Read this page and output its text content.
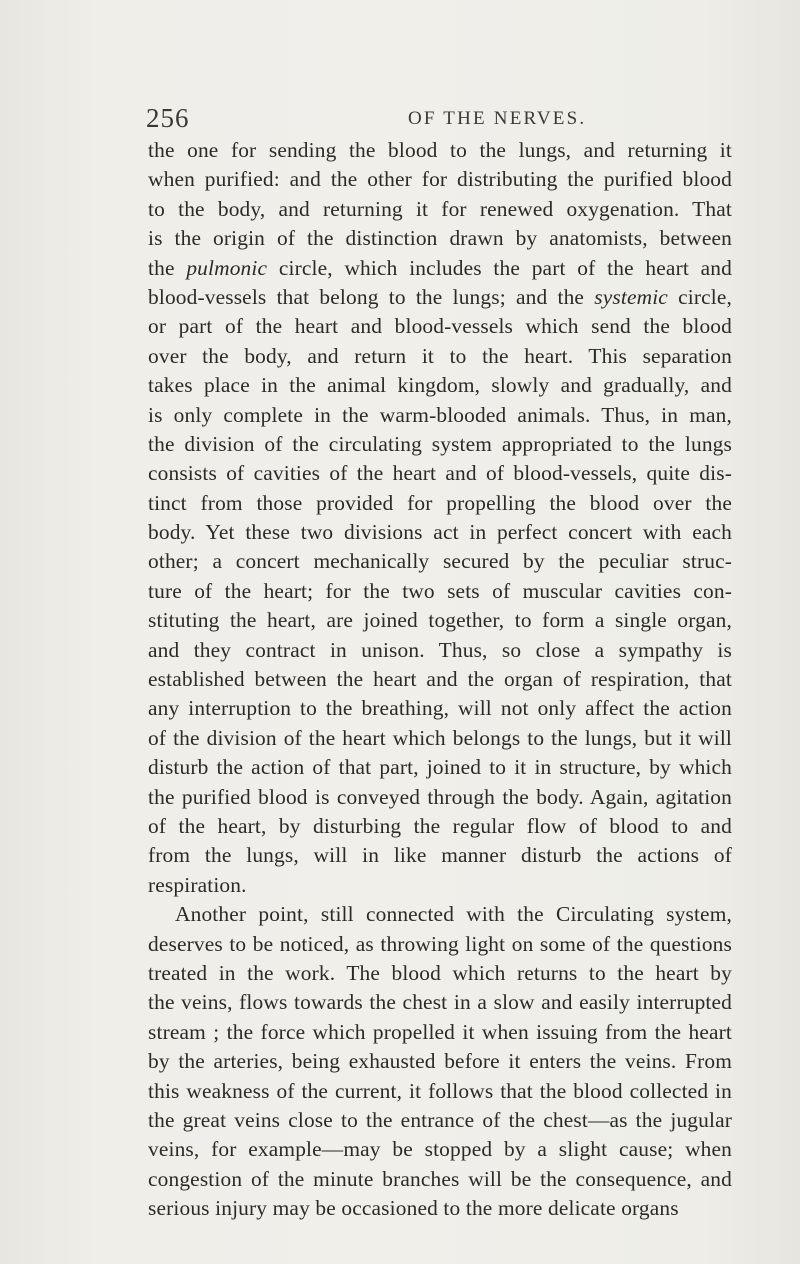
256	OF THE NERVES.
the one for sending the blood to the lungs, and returning it
when purified: and the other for distributing the purified blood
to the body, and returning it for renewed oxygenation. That
is the origin of the distinction drawn by anatomists, between
the pulmonic circle, which includes the part of the heart and
blood-vessels that belong to the lungs; and the systemic circle,
or part of the heart and blood-vessels which send the blood
over the body, and return it to the heart. This separation
takes place in the animal kingdom, slowly and gradually, and
is only complete in the warm-blooded animals. Thus, in man,
the division of the circulating system appropriated to the lungs
consists of cavities of the heart and of blood-vessels, quite dis-
tinct from those provided for propelling the blood over the
body. Yet these two divisions act in perfect concert with each
other; a concert mechanically secured by the peculiar struc-
ture of the heart; for the two sets of muscular cavities con-
stituting the heart, are joined together, to form a single organ,
and they contract in unison. Thus, so close a sympathy is
established between the heart and the organ of respiration, that
any interruption to the breathing, will not only affect the action
of the division of the heart which belongs to the lungs, but it will
disturb the action of that part, joined to it in structure, by which
the purified blood is conveyed through the body. Again, agitation
of the heart, by disturbing the regular flow of blood to and
from the lungs, will in like manner disturb the actions of
respiration.
Another point, still connected with the Circulating system,
deserves to be noticed, as throwing light on some of the questions
treated in the work. The blood which returns to the heart by
the veins, flows towards the chest in a slow and easily interrupted
stream ; the force which propelled it when issuing from the heart
by the arteries, being exhausted before it enters the veins. From
this weakness of the current, it follows that the blood collected in
the great veins close to the entrance of the chest—as the jugular
veins, for example—may be stopped by a slight cause; when
congestion of the minute branches will be the consequence, and
serious injury may be occasioned to the more delicate organs
